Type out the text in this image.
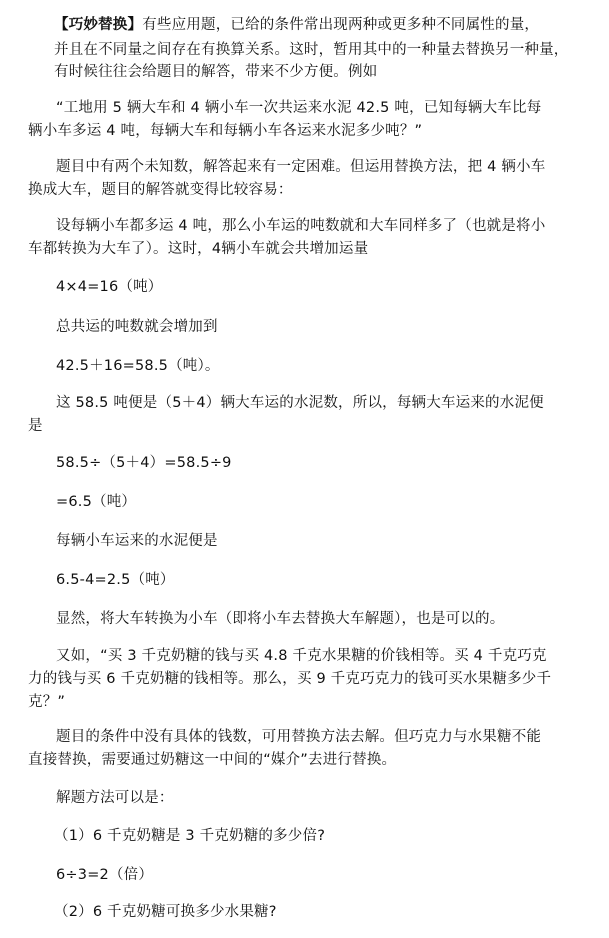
【巧妙替换】有些应用题，已给的条件常出现两种或更多种不同属性的量，
并且在不同量之间存在有换算关系。这时，暂用其中的一种量去替换另一种量，
有时候往往会给题目的解答，带来不少方便。例如
“工地用 5 辆大车和 4 辆小车一次共运来水泥 42.5 吨，已知每辆大车比每
辆小车多运 4 吨，每辆大车和每辆小车各运来水泥多少吨？”
题目中有两个未知数，解答起来有一定困难。但运用替换方法，把 4 辆小车
换成大车，题目的解答就变得比较容易：
设每辆小车都多运 4 吨，那么小车运的吨数就和大车同样多了（也就是将小
车都转换为大车了）。这时，4辆小车就会共增加运量
4×4=16（吨）
总共运的吨数就会增加到
42.5＋16=58.5（吨）。
这 58.5 吨便是（5＋4）辆大车运的水泥数，所以，每辆大车运来的水泥便
是
58.5÷（5＋4）=58.5÷9
=6.5（吨）
每辆小车运来的水泥便是
6.5-4=2.5（吨）
显然，将大车转换为小车（即将小车去替换大车解题），也是可以的。
又如，“买 3 千克奶糖的钱与买 4.8 千克水果糖的价钱相等。买 4 千克巧克
力的钱与买 6 千克奶糖的钱相等。那么，买 9 千克巧克力的钱可买水果糖多少千
克？”
题目的条件中没有具体的钱数，可用替换方法去解。但巧克力与水果糖不能
直接替换，需要通过奶糖这一中间的“媒介”去进行替换。
解题方法可以是：
（1）6 千克奶糖是 3 千克奶糖的多少倍?
6÷3=2（倍）
（2）6 千克奶糖可换多少水果糖?
